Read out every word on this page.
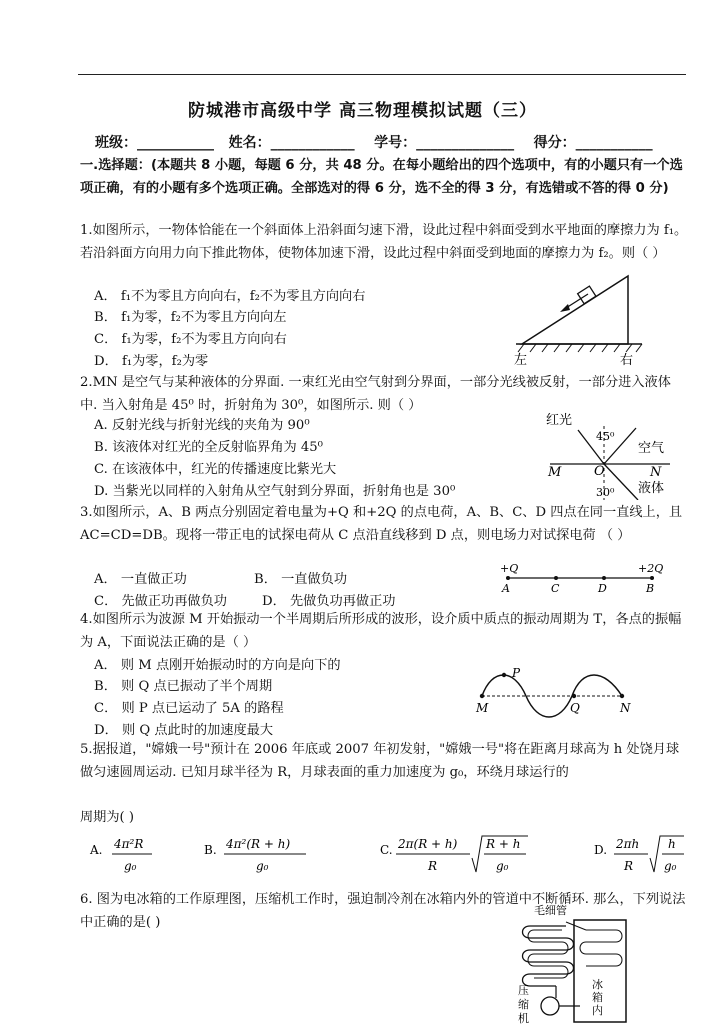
防城港市高级中学 高三物理模拟试题（三）
班级：___________   姓名：____________    学号：______________    得分：___________
一.选择题：(本题共 8 小题，每题 6 分，共 48 分。在每小题给出的四个选项中，有的小题只有一个选项正确，有的小题有多个选项正确。全部选对的得 6 分，选不全的得 3 分，有选错或不答的得 0 分)
1.如图所示，一物体恰能在一个斜面体上沿斜面匀速下滑，设此过程中斜面受到水平地面的摩擦力为 f₁。若沿斜面方向用力向下推此物体，使物体加速下滑，设此过程中斜面受到地面的摩擦力为 f₂。则（ ）
A． f₁不为零且方向向右，f₂不为零且方向向右
B． f₁为零，f₂不为零且方向向左
C． f₁为零，f₂不为零且方向向右
D． f₁为零，f₂为零	左	右
2.MN 是空气与某种液体的分界面. 一束红光由空气射到分界面，一部分光线被反射，一部分进入液体中. 当入射角是 45⁰ 时，折射角为 30⁰，如图所示. 则（ ）
A. 反射光线与折射光线的夹角为 90⁰
B. 该液体对红光的全反射临界角为 45⁰
C. 在该液体中，红光的传播速度比紫光大
D. 当紫光以同样的入射角从空气射到分界面，折射角也是 30⁰
红光
45⁰
空气
M	O	N
30⁰ 液体
3.如图所示，A、B 两点分别固定着电量为+Q 和+2Q 的点电荷，A、B、C、D 四点在同一直线上，且 AC=CD=DB。现将一带正电的试探电荷从 C 点沿直线移到 D 点，则电场力对试探电荷 （ ）
A． 一直做正功	B． 一直做负功
C． 先做正功再做负功	D． 先做负功再做正功
+Q	+2Q
A	C	D	B
4.如图所示为波源 M 开始振动一个半周期后所形成的波形，设介质中质点的振动周期为 T，各点的振幅为 A，下面说法正确的是（ ）
A． 则 M 点刚开始振动时的方向是向下的
B． 则 Q 点已振动了半个周期
C． 则 P 点已运动了 5A 的路程
D． 则 Q 点此时的加速度最大
P
M	Q	N
5.据报道，"嫦娥一号"预计在 2006 年底或 2007 年初发射，"嫦娥一号"将在距离月球高为 h 处饶月球做匀速圆周运动. 已知月球半径为 R，月球表面的重力加速度为 g₀，环绕月球运行的
周期为( )
A. 4π²R
g₀
B. 4π²(R + h)
g₀
C. 2π(R + h)
R
R + h
g₀
D. 2πh
R
h
g₀
6. 图为电冰箱的工作原理图，压缩机工作时，强迫制冷剂在冰箱内外的管道中不断循环. 那么，下列说法中正确的是( )
毛细管
冰
箱
内
压
缩
机
